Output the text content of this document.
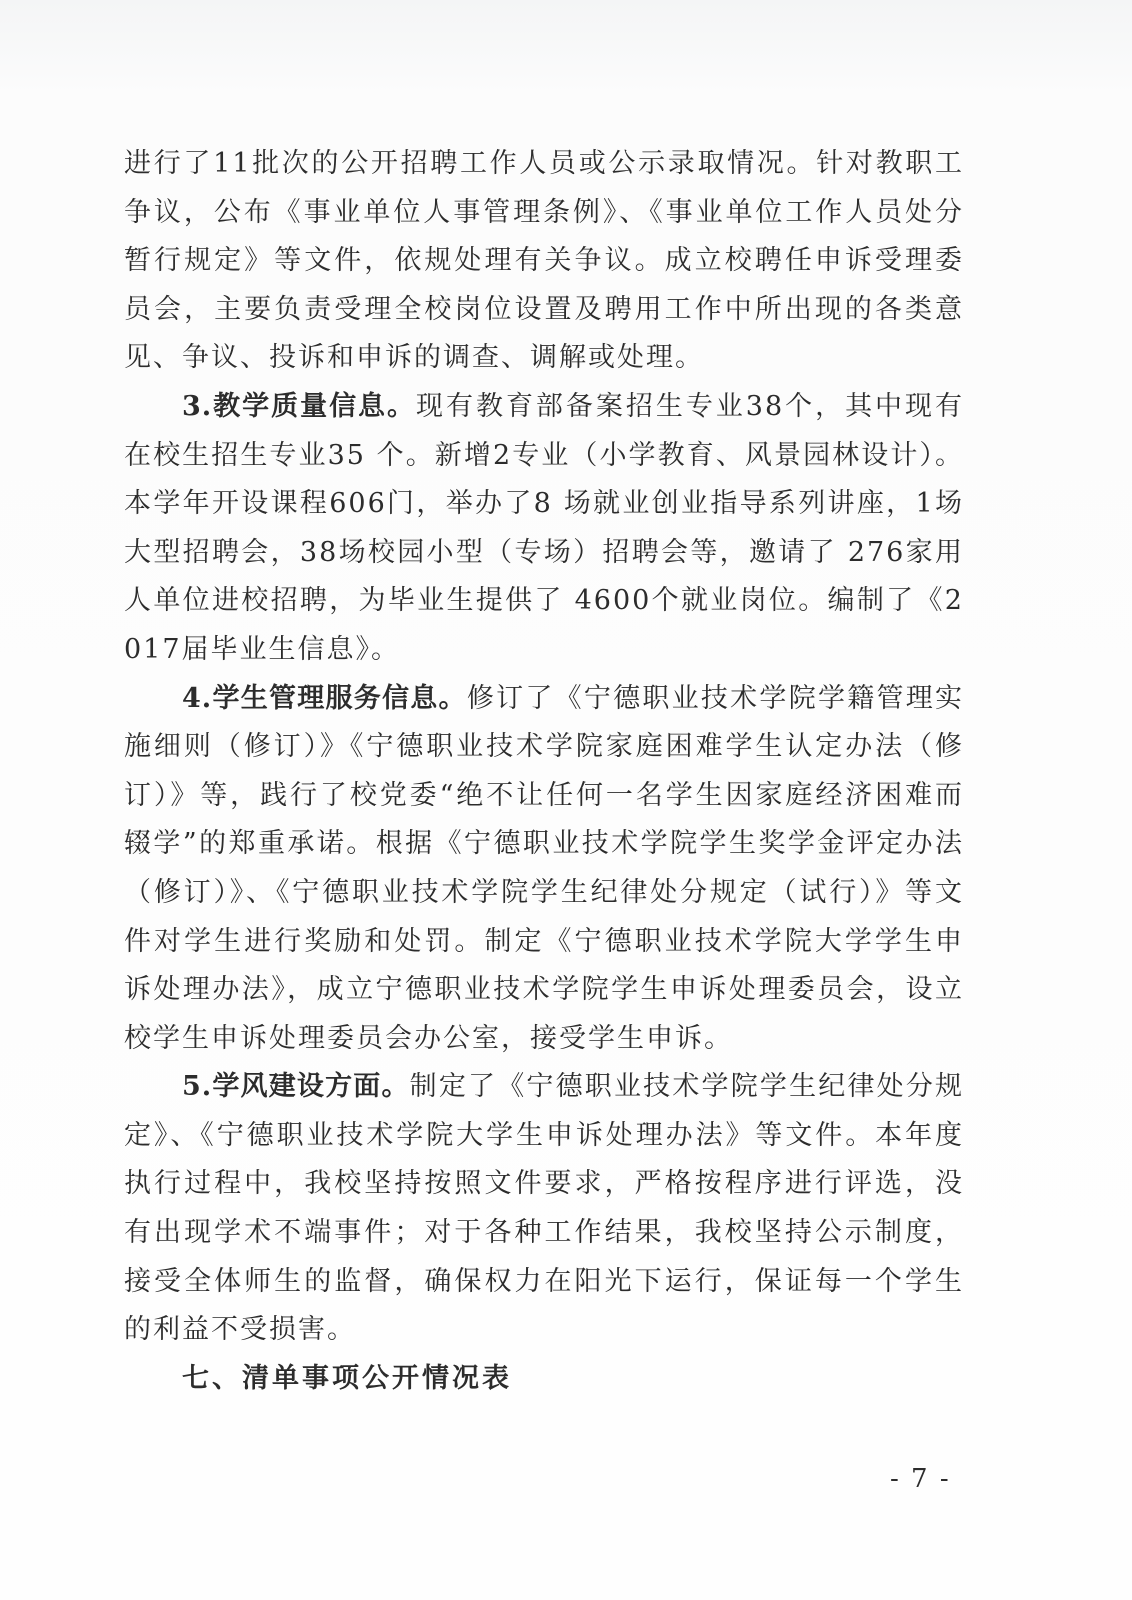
进行了11批次的公开招聘工作人员或公示录取情况。针对教职工争议，公布《事业单位人事管理条例》、《事业单位工作人员处分暂行规定》等文件，依规处理有关争议。成立校聘任申诉受理委员会，主要负责受理全校岗位设置及聘用工作中所出现的各类意见、争议、投诉和申诉的调查、调解或处理。

3.教学质量信息。现有教育部备案招生专业38个，其中现有在校生招生专业35 个。新增2专业（小学教育、风景园林设计）。本学年开设课程606门，举办了8 场就业创业指导系列讲座，1场大型招聘会，38场校园小型（专场）招聘会等，邀请了 276家用人单位进校招聘，为毕业生提供了 4600个就业岗位。编制了《2017届毕业生信息》。

4.学生管理服务信息。修订了《宁德职业技术学院学籍管理实施细则（修订）》《宁德职业技术学院家庭困难学生认定办法（修订）》等，践行了校党委“绝不让任何一名学生因家庭经济困难而辍学”的郑重承诺。根据《宁德职业技术学院学生奖学金评定办法（修订）》、《宁德职业技术学院学生纪律处分规定（试行）》等文件对学生进行奖励和处罚。制定《宁德职业技术学院大学学生申诉处理办法》，成立宁德职业技术学院学生申诉处理委员会，设立校学生申诉处理委员会办公室，接受学生申诉。

5.学风建设方面。制定了《宁德职业技术学院学生纪律处分规定》、《宁德职业技术学院大学生申诉处理办法》等文件。本年度执行过程中，我校坚持按照文件要求，严格按程序进行评选，没有出现学术不端事件；对于各种工作结果，我校坚持公示制度，接受全体师生的监督，确保权力在阳光下运行，保证每一个学生的利益不受损害。

七、清单事项公开情况表

- 7 -
